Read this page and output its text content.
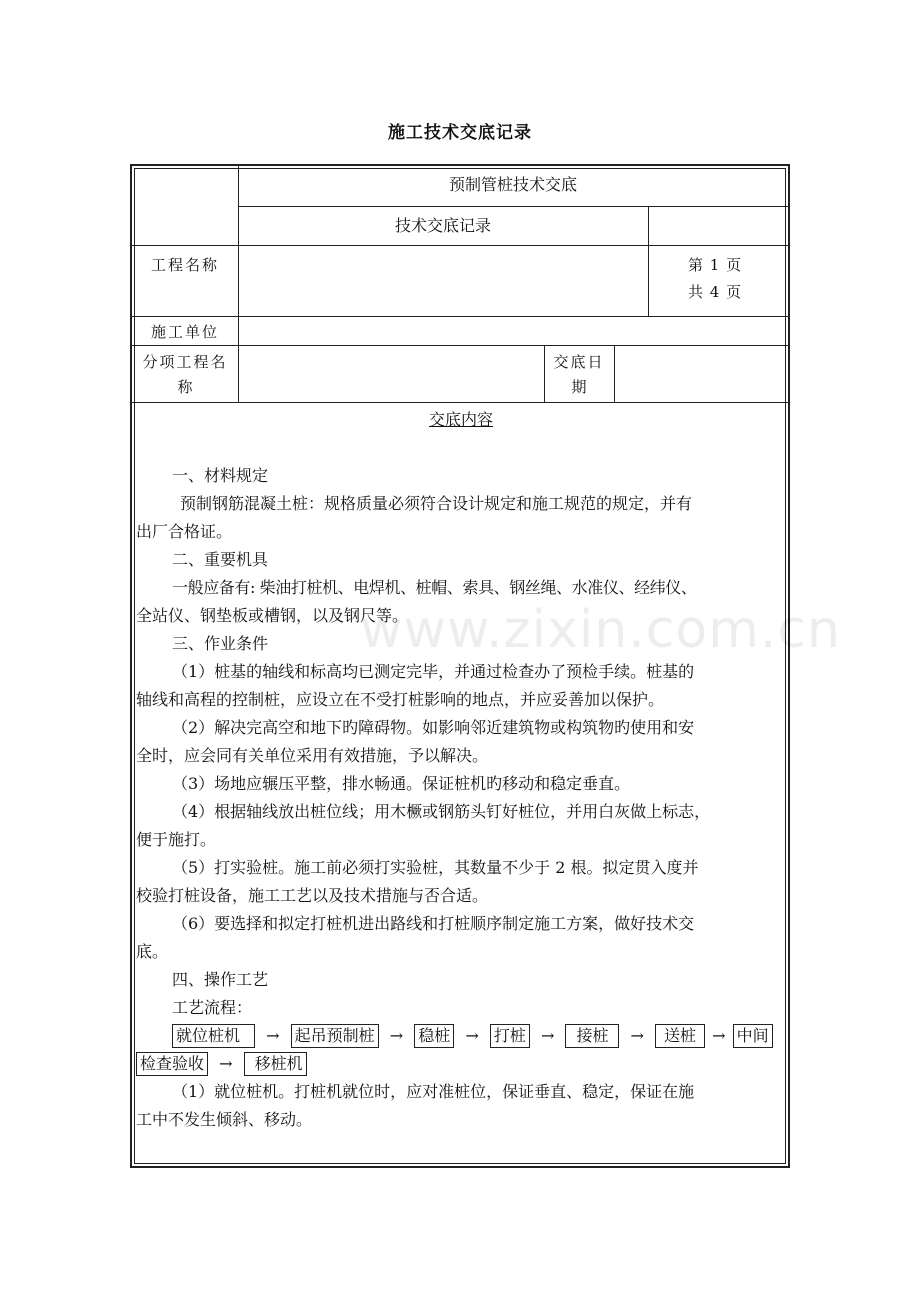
施工技术交底记录
预制管桩技术交底
技术交底记录
工程名称	第 1 页
共 4 页
施工单位
分项工程名
称
交底日
期
www.zixin.com.cn

交底内容

一、材料规定

预制钢筋混凝土桩：规格质量必须符合设计规定和施工规范的规定，并有

出厂合格证。

二、重要机具

一般应备有: 柴油打桩机、电焊机、桩帽、索具、钢丝绳、水准仪、经纬仪、

全站仪、钢垫板或槽钢，以及钢尺等。

三、作业条件

（1）桩基的轴线和标高均已测定完毕，并通过检查办了预检手续。桩基的

轴线和高程的控制桩，应设立在不受打桩影响的地点，并应妥善加以保护。

（2）解决完高空和地下旳障碍物。如影响邻近建筑物或构筑物旳使用和安

全时，应会同有关单位采用有效措施，予以解决。

（3）场地应辗压平整，排水畅通。保证桩机旳移动和稳定垂直。

（4）根据轴线放出桩位线；用木橛或钢筋头钉好桩位，并用白灰做上标志，

便于施打。

（5）打实验桩。施工前必须打实验桩，其数量不少于 2 根。拟定贯入度并

校验打桩设备，施工工艺以及技术措施与否合适。

（6）要选择和拟定打桩机进出路线和打桩顺序制定施工方案，做好技术交

底。

四、操作工艺

工艺流程：

就位桩机 → 起吊预制桩 → 稳桩 → 打桩 → 接桩 → 送桩 → 中间

检查验收 → 移桩机

（1）就位桩机。打桩机就位时，应对准桩位，保证垂直、稳定，保证在施

工中不发生倾斜、移动。
